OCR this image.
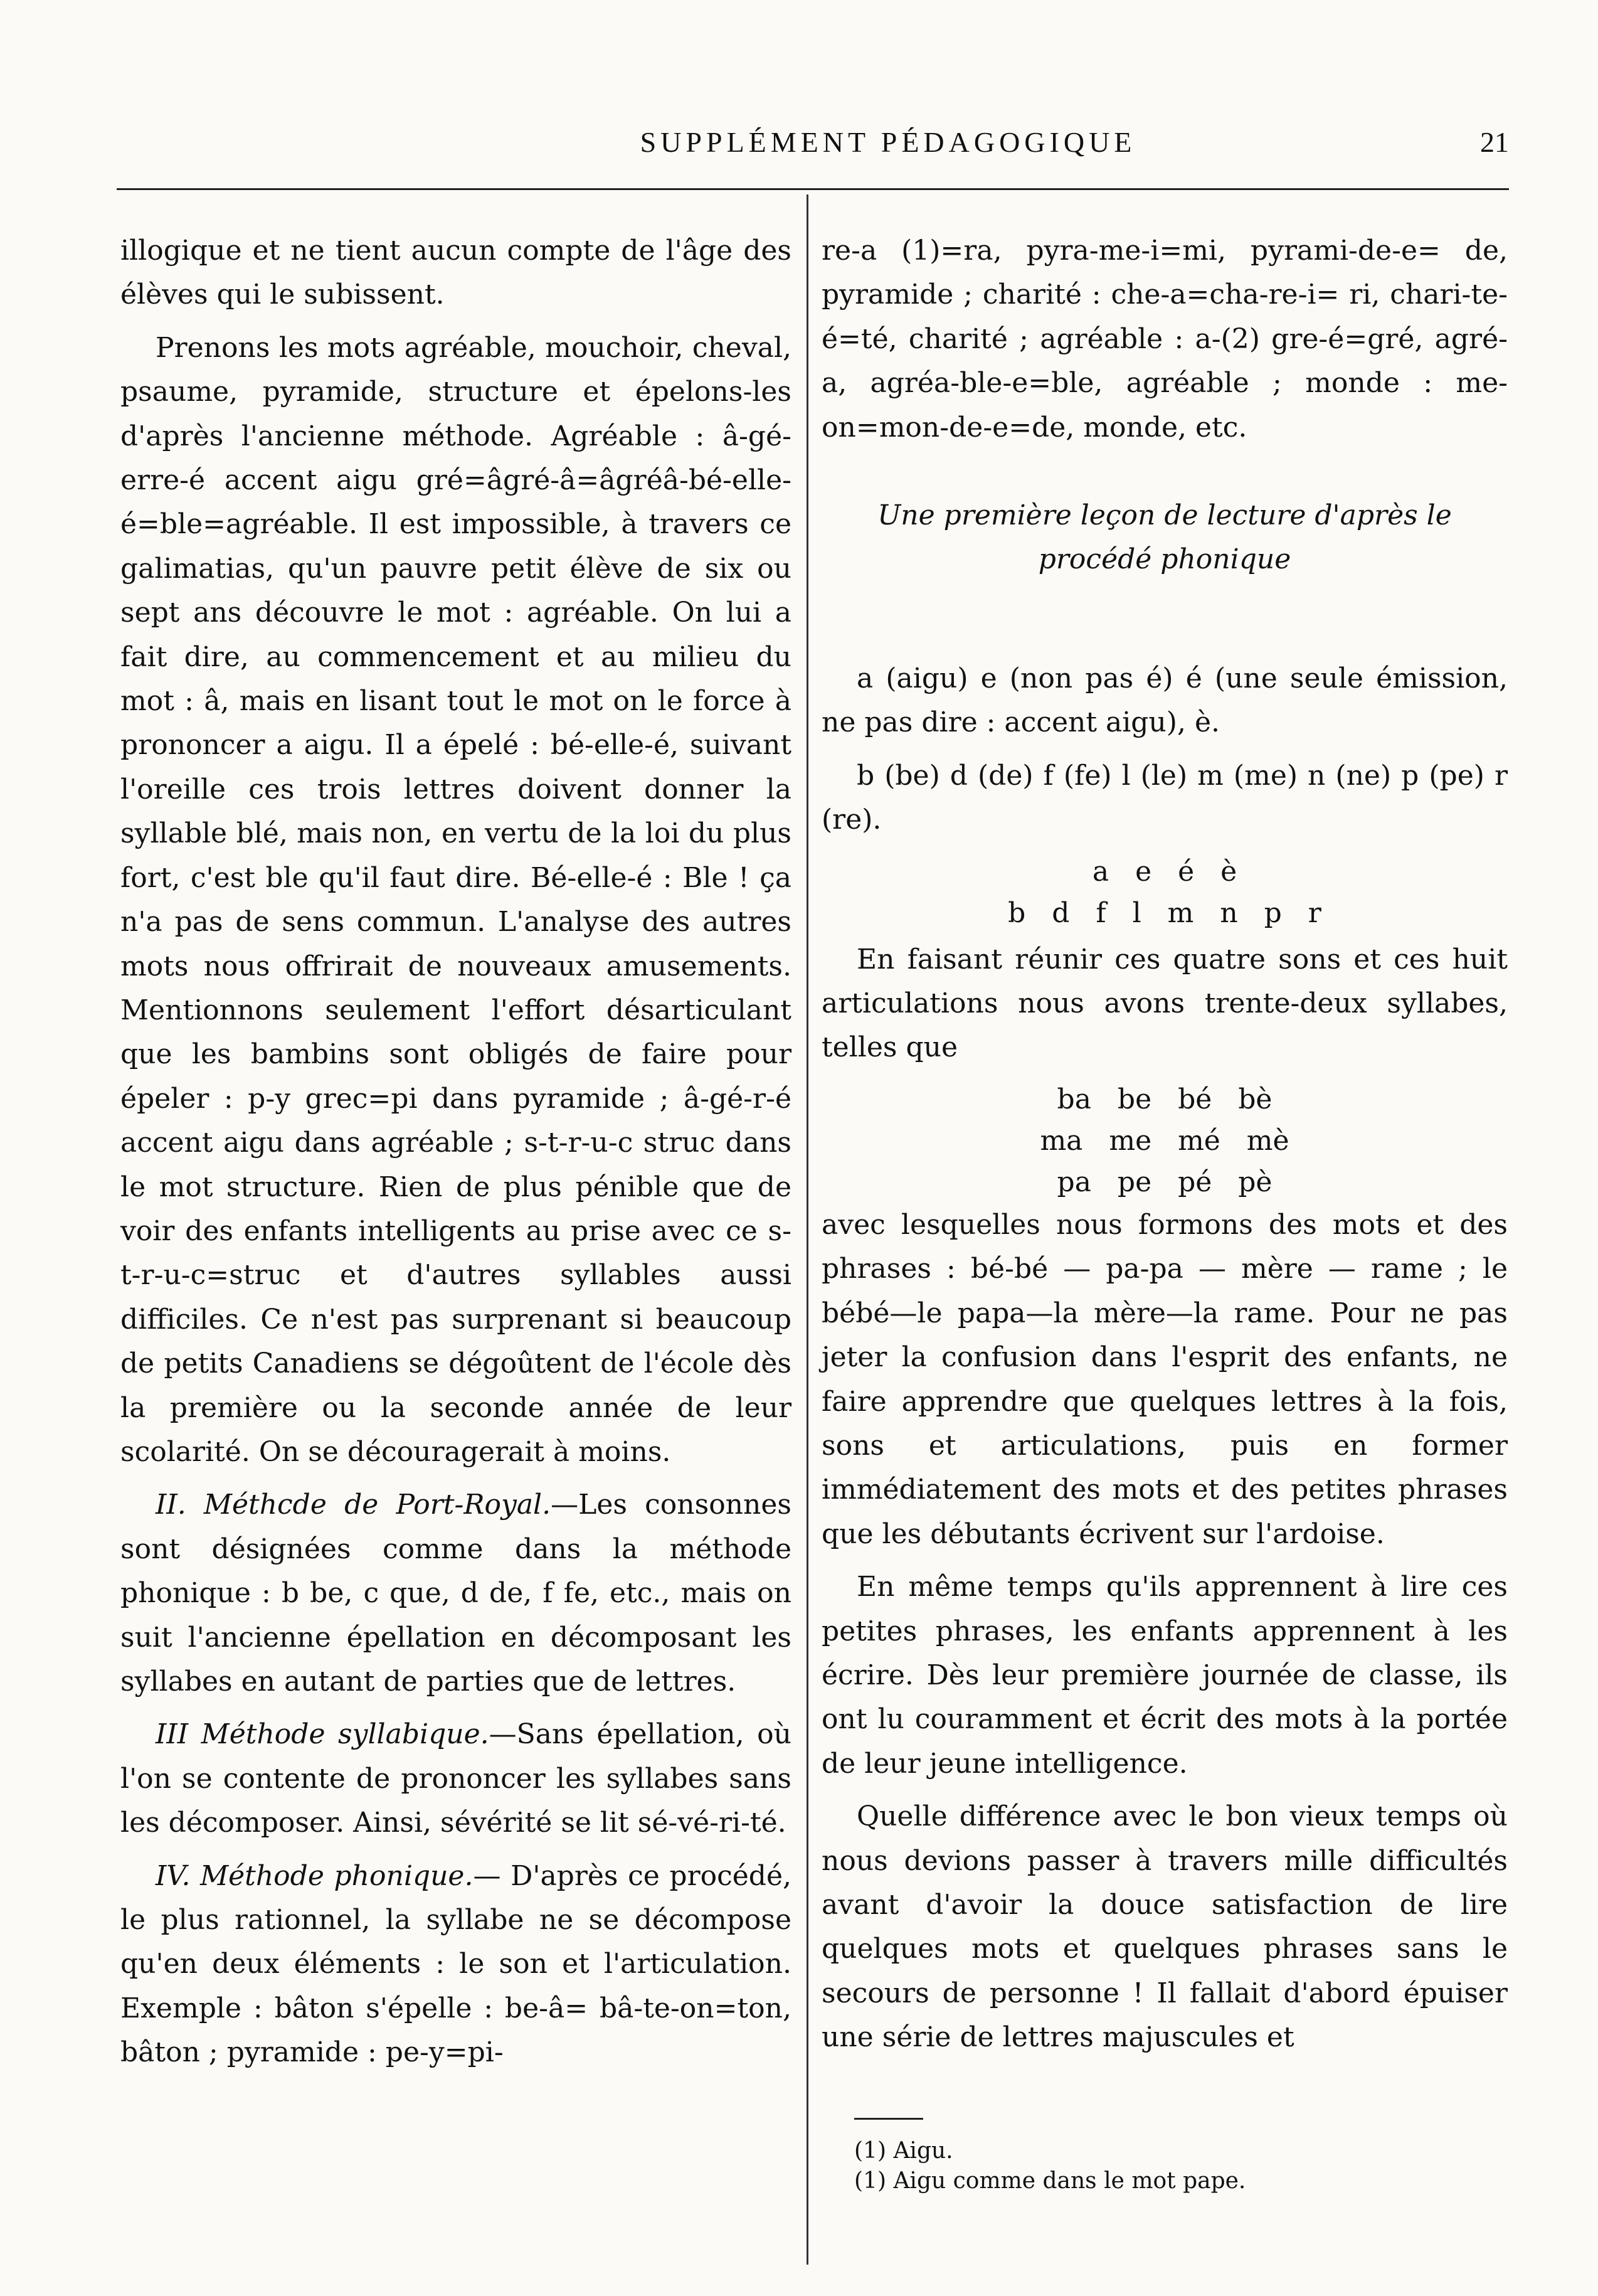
SUPPLÉMENT PÉDAGOGIQUE	21

illogique et ne tient aucun compte de l'âge des élèves qui le subissent.

Prenons les mots agréable, mouchoir, cheval, psaume, pyramide, structure et épelons-les d'après l'ancienne méthode. Agréable : â-gé-erre-é accent aigu gré=âgré-â=âgréâ-bé-elle-é=ble=agréable. Il est impossible, à travers ce galimatias, qu'un pauvre petit élève de six ou sept ans découvre le mot : agréable. On lui a fait dire, au commencement et au milieu du mot : â, mais en lisant tout le mot on le force à prononcer a aigu. Il a épelé : bé-elle-é, suivant l'oreille ces trois lettres doivent donner la syllable blé, mais non, en vertu de la loi du plus fort, c'est ble qu'il faut dire. Bé-elle-é : Ble ! ça n'a pas de sens commun. L'analyse des autres mots nous offrirait de nouveaux amusements. Mentionnons seulement l'effort désarticulant que les bambins sont obligés de faire pour épeler : p-y grec=pi dans pyramide ; â-gé-r-é accent aigu dans agréable ; s-t-r-u-c struc dans le mot structure. Rien de plus pénible que de voir des enfants intelligents au prise avec ce s-t-r-u-c=struc et d'autres syllables aussi difficiles. Ce n'est pas surprenant si beaucoup de petits Canadiens se dégoûtent de l'école dès la première ou la seconde année de leur scolarité. On se découragerait à moins.

II. Méthcde de Port-Royal.—Les consonnes sont désignées comme dans la méthode phonique : b be, c que, d de, f fe, etc., mais on suit l'ancienne épellation en décomposant les syllabes en autant de parties que de lettres.

III Méthode syllabique.—Sans épellation, où l'on se contente de prononcer les syllabes sans les décomposer. Ainsi, sévérité se lit sé-vé-ri-té.

IV. Méthode phonique.— D'après ce procédé, le plus rationnel, la syllabe ne se décompose qu'en deux éléments : le son et l'articulation. Exemple : bâton s'épelle : be-â= bâ-te-on=ton, bâton ; pyramide : pe-y=pi-

re-a (1)=ra, pyra-me-i=mi, pyrami-de-e= de, pyramide ; charité : che-a=cha-re-i= ri, chari-te-é=té, charité ; agréable : a-(2) gre-é=gré, agré-a, agréa-ble-e=ble, agréable ; monde : me-on=mon-de-e=de, monde, etc.

Une première leçon de lecture d'après le procédé phonique

a (aigu) e (non pas é) é (une seule émission, ne pas dire : accent aigu), è.

b (be) d (de) f (fe) l (le) m (me) n (ne) p (pe) r (re).

a   e   é   è
b   d   f   l   m   n   p   r

En faisant réunir ces quatre sons et ces huit articulations nous avons trente-deux syllabes, telles que

ba   be   bé   bè
ma   me   mé   mè
pa   pe   pé   pè

avec lesquelles nous formons des mots et des phrases : bé-bé — pa-pa — mère — rame ; le bébé—le papa—la mère—la rame. Pour ne pas jeter la confusion dans l'esprit des enfants, ne faire apprendre que quelques lettres à la fois, sons et articulations, puis en former immédiatement des mots et des petites phrases que les débutants écrivent sur l'ardoise.

En même temps qu'ils apprennent à lire ces petites phrases, les enfants apprennent à les écrire. Dès leur première journée de classe, ils ont lu couramment et écrit des mots à la portée de leur jeune intelligence.

Quelle différence avec le bon vieux temps où nous devions passer à travers mille difficultés avant d'avoir la douce satisfaction de lire quelques mots et quelques phrases sans le secours de personne ! Il fallait d'abord épuiser une série de lettres majuscules et

(1) Aigu.
(1) Aigu comme dans le mot pape.
